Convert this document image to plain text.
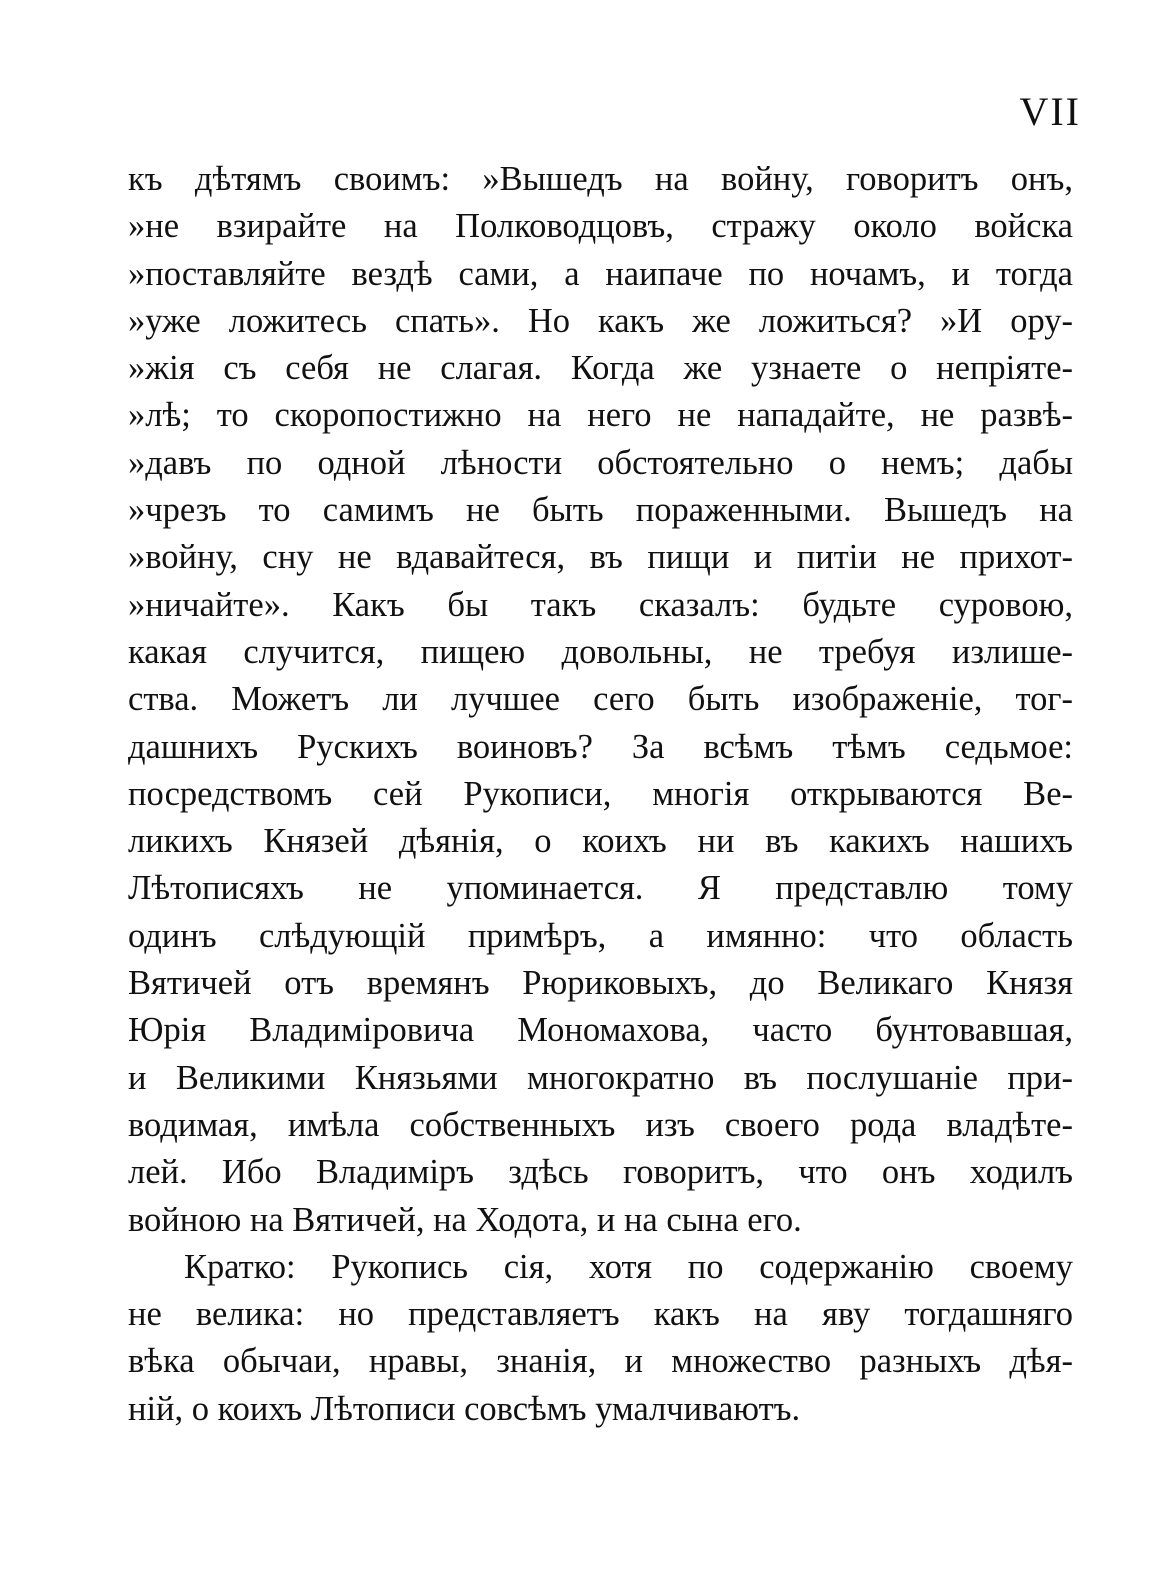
VII
къ дѣтямъ своимъ: »Вышедъ на войну, говоритъ онъ,
»не взирайте на Полководцовъ, стражу около войска
»поставляйте вездѣ сами, а наипаче по ночамъ, и тогда
»уже ложитесь спать». Но какъ же ложиться? »И ору-
»жія съ себя не слагая. Когда же узнаете о непріяте-
»лѣ; то скоропостижно на него не нападайте, не развѣ-
»давъ по одной лѣности обстоятельно о немъ; дабы
»чрезъ то самимъ не быть пораженными. Вышедъ на
»войну, сну не вдавайтеся, въ пищи и питіи не прихот-
»ничайте». Какъ бы такъ сказалъ: будьте суровою,
какая случится, пищею довольны, не требуя излише-
ства. Можетъ ли лучшее сего быть изображеніе, тог-
дашнихъ Рускихъ воиновъ? За всѣмъ тѣмъ седьмое:
посредствомъ сей Рукописи, многія открываются Ве-
ликихъ Князей дѣянія, о коихъ ни въ какихъ нашихъ
Лѣтописяхъ не упоминается. Я представлю тому
одинъ слѣдующій примѣръ, а имянно: что область
Вятичей отъ времянъ Рюриковыхъ, до Великаго Князя
Юрія Владиміровича Мономахова, часто бунтовавшая,
и Великими Князьями многократно въ послушаніе при-
водимая, имѣла собственныхъ изъ своего рода владѣте-
лей. Ибо Владиміръ здѣсь говоритъ, что онъ ходилъ
войною на Вятичей, на Ходота, и на сына его.
Кратко: Рукопись сія, хотя по содержанію своему
не велика: но представляетъ какъ на яву тогдашняго
вѣка обычаи, нравы, знанія, и множество разныхъ дѣя-
ній, о коихъ Лѣтописи совсѣмъ умалчиваютъ.
